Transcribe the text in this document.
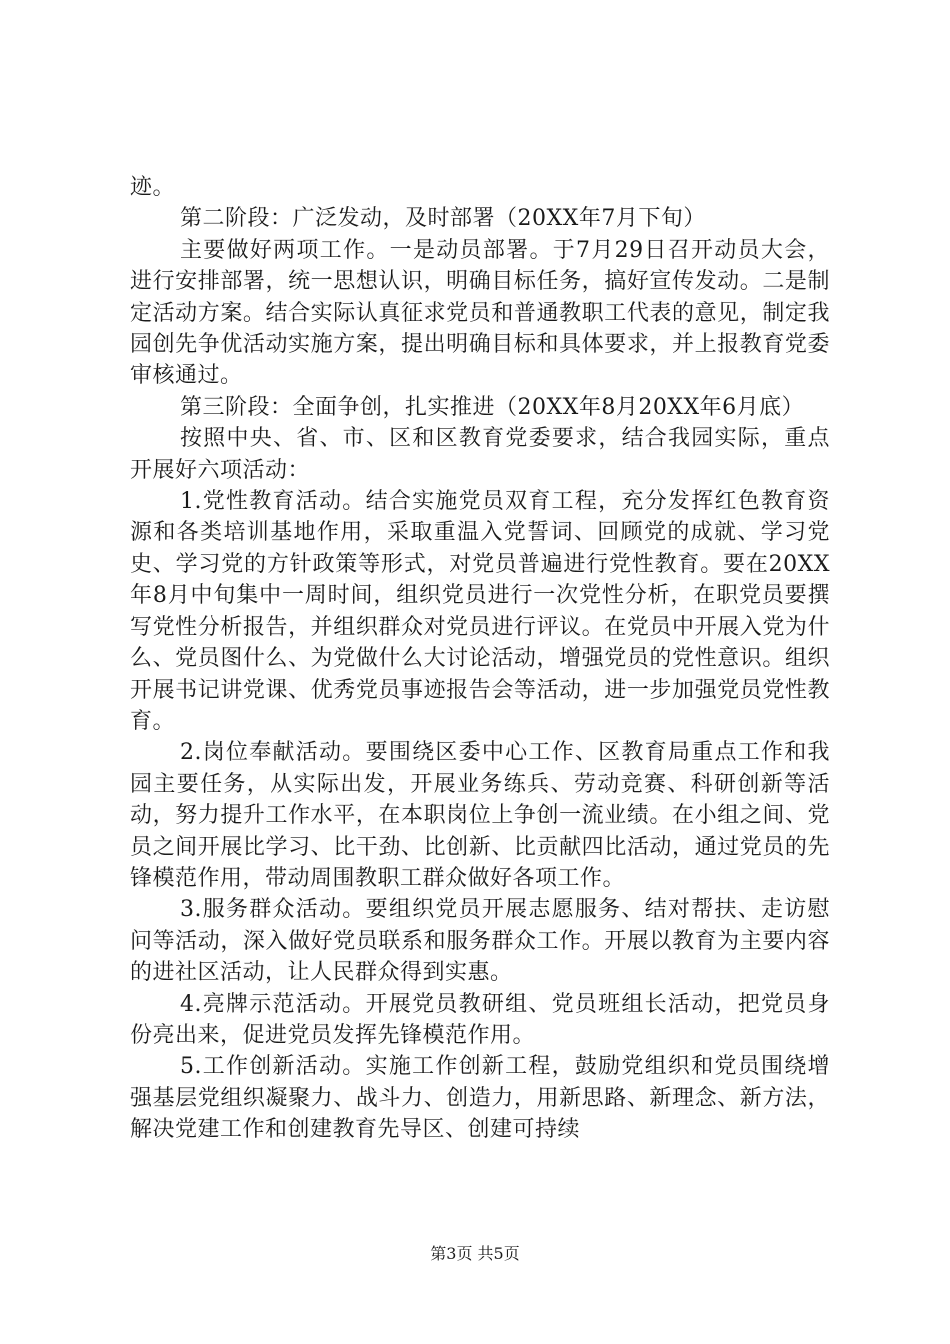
迹。

第二阶段：广泛发动，及时部署（20XX年7月下旬）

主要做好两项工作。一是动员部署。于7月29日召开动员大会，进行安排部署，统一思想认识，明确目标任务，搞好宣传发动。二是制定活动方案。结合实际认真征求党员和普通教职工代表的意见，制定我园创先争优活动实施方案，提出明确目标和具体要求，并上报教育党委审核通过。

第三阶段：全面争创，扎实推进（20XX年8月20XX年6月底）

按照中央、省、市、区和区教育党委要求，结合我园实际，重点开展好六项活动：

1.党性教育活动。结合实施党员双育工程，充分发挥红色教育资源和各类培训基地作用，采取重温入党誓词、回顾党的成就、学习党史、学习党的方针政策等形式，对党员普遍进行党性教育。要在20XX年8月中旬集中一周时间，组织党员进行一次党性分析，在职党员要撰写党性分析报告，并组织群众对党员进行评议。在党员中开展入党为什么、党员图什么、为党做什么大讨论活动，增强党员的党性意识。组织开展书记讲党课、优秀党员事迹报告会等活动，进一步加强党员党性教育。

2.岗位奉献活动。要围绕区委中心工作、区教育局重点工作和我园主要任务，从实际出发，开展业务练兵、劳动竞赛、科研创新等活动，努力提升工作水平，在本职岗位上争创一流业绩。在小组之间、党员之间开展比学习、比干劲、比创新、比贡献四比活动，通过党员的先锋模范作用，带动周围教职工群众做好各项工作。

3.服务群众活动。要组织党员开展志愿服务、结对帮扶、走访慰问等活动，深入做好党员联系和服务群众工作。开展以教育为主要内容的进社区活动，让人民群众得到实惠。

4.亮牌示范活动。开展党员教研组、党员班组长活动，把党员身份亮出来，促进党员发挥先锋模范作用。

5.工作创新活动。实施工作创新工程，鼓励党组织和党员围绕增强基层党组织凝聚力、战斗力、创造力，用新思路、新理念、新方法，解决党建工作和创建教育先导区、创建可持续

第3页 共5页
